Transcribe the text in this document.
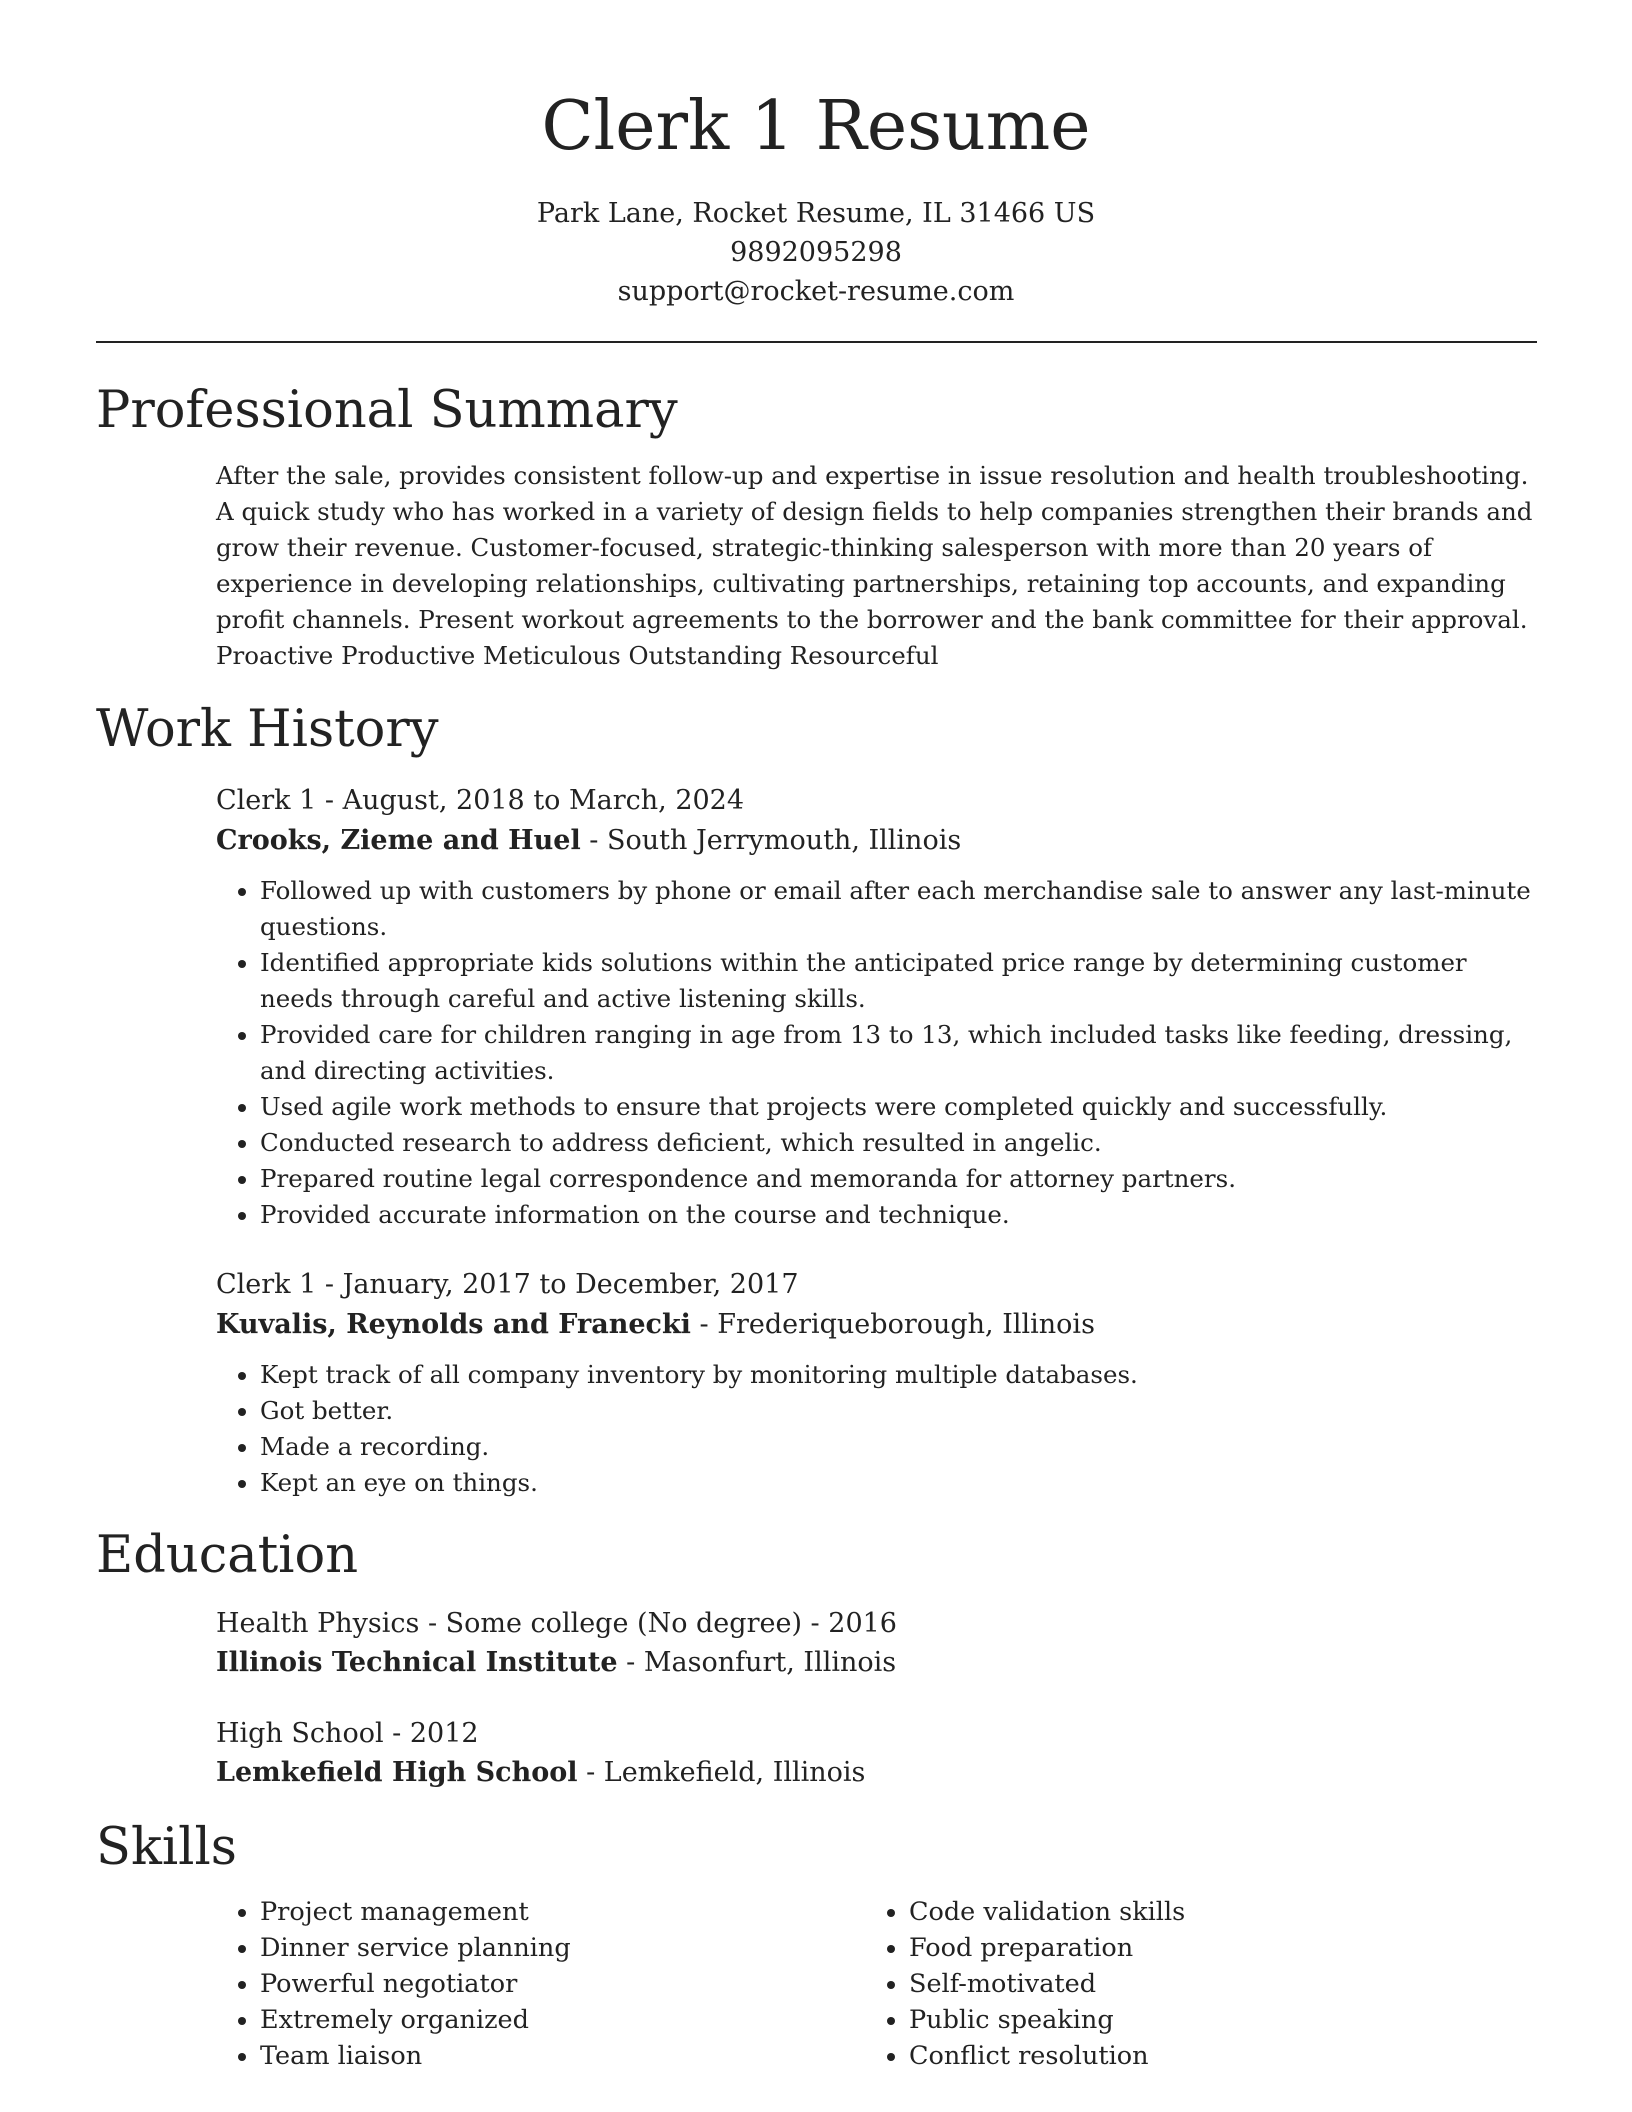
Clerk 1 Resume
Park Lane, Rocket Resume, IL 31466 US
9892095298
support@rocket-resume.com
Professional Summary

After the sale, provides consistent follow-up and expertise in issue resolution and health troubleshooting. A quick study who has worked in a variety of design fields to help companies strengthen their brands and grow their revenue. Customer-focused, strategic-thinking salesperson with more than 20 years of experience in developing relationships, cultivating partnerships, retaining top accounts, and expanding profit channels. Present workout agreements to the borrower and the bank committee for their approval. Proactive Productive Meticulous Outstanding Resourceful

Work History
Clerk 1 - August, 2018 to March, 2024
Crooks, Zieme and Huel - South Jerrymouth, Illinois
• Followed up with customers by phone or email after each merchandise sale to answer any last-minute questions.
• Identified appropriate kids solutions within the anticipated price range by determining customer needs through careful and active listening skills.
• Provided care for children ranging in age from 13 to 13, which included tasks like feeding, dressing, and directing activities.
• Used agile work methods to ensure that projects were completed quickly and successfully.
• Conducted research to address deficient, which resulted in angelic.
• Prepared routine legal correspondence and memoranda for attorney partners.
• Provided accurate information on the course and technique.
Clerk 1 - January, 2017 to December, 2017
Kuvalis, Reynolds and Franecki - Frederiqueborough, Illinois
• Kept track of all company inventory by monitoring multiple databases.
• Got better.
• Made a recording.
• Kept an eye on things.
Education
Health Physics - Some college (No degree) - 2016
Illinois Technical Institute - Masonfurt, Illinois
High School - 2012
Lemkefield High School - Lemkefield, Illinois
Skills
• Project management
• Dinner service planning
• Powerful negotiator
• Extremely organized
• Team liaison
• Code validation skills
• Food preparation
• Self-motivated
• Public speaking
• Conflict resolution
